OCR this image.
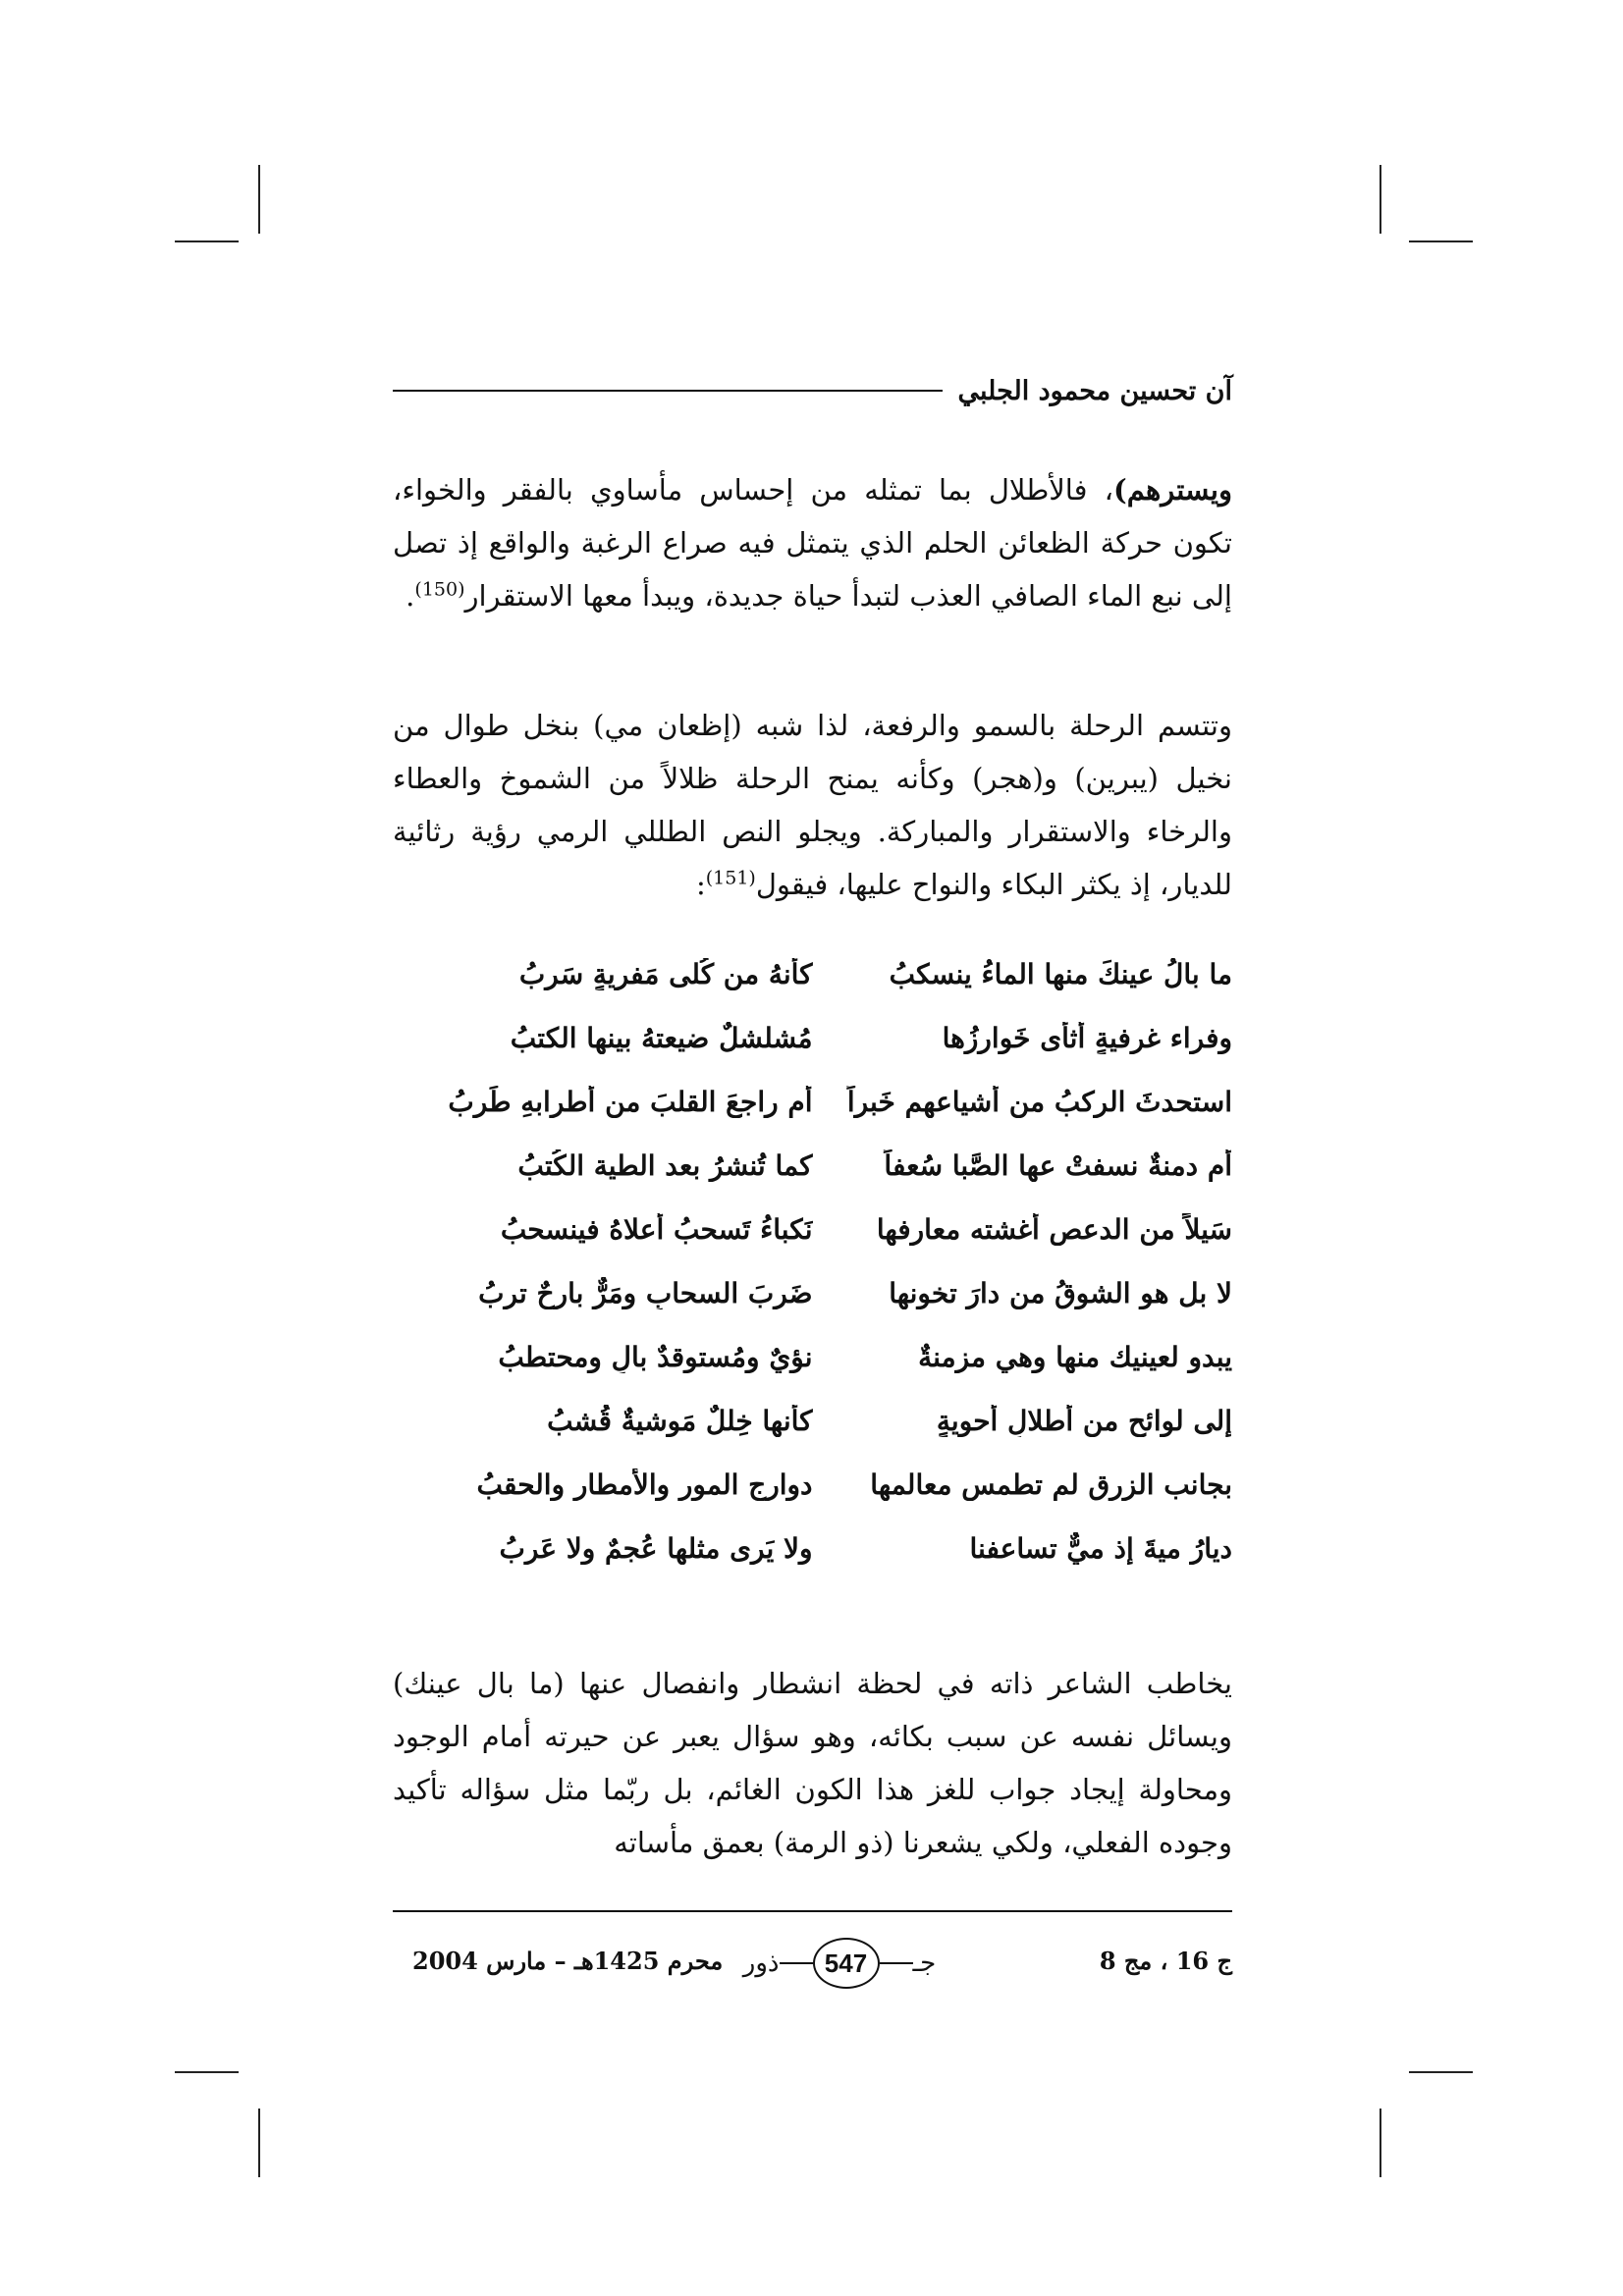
آن تحسين محمود الجلبي

ويسترهم)، فالأطلال بما تمثله من إحساس مأساوي بالفقر والخواء، تكون حركة الظعائن الحلم الذي يتمثل فيه صراع الرغبة والواقع إذ تصل إلى نبع الماء الصافي العذب لتبدأ حياة جديدة، ويبدأ معها الاستقرار$^{(150)}$.

وتتسم الرحلة بالسمو والرفعة، لذا شبه (إظعان مي) بنخل طوال من نخيل (يبرين) و(هجر) وكأنه يمنح الرحلة ظلالاً من الشموخ والعطاء والرخاء والاستقرار والمباركة. ويجلو النص الطللي الرمي رؤية رثائية للديار، إذ يكثر البكاء والنواح عليها، فيقول$^{(151)}$:

ما بالُ عينكَ منها الماءُ ينسكبُ
كأنهُ من كُلى مَفريةٍ سَربُ
وفراء غرفيةٍ أثأى خَوارزُها
مُشلشلٌ ضيعتهُ بينها الكتبُ
استحدثَ الركبُ من أشياعهم خَبراً
أم راجعَ القلبَ من أطرابهِ طَربُ
أم دمنةٌ نسفتْ عها الصَّبا سُعفاً
كما تُنشرُ بعد الطية الكُتبُ
سَيلاً من الدعص أغشته معارفها
نَكباءُ تَسحبُ أعلاهُ فينسحبُ
لا بل هو الشوقُ من دارَ تخونها
ضَربَ السحابِ ومَرٌّ بارحٌ تربُ
يبدو لعينيك منها وهي مزمنةٌ
نؤيٌ ومُستوقدٌ بالٍ ومحتطبُ
إلى لوائح من أطلالِ أحويةٍ
كأنها خِللٌ مَوشيةٌ قُشبُ
بجانب الزرق لم تطمس معالمها
دوارج المور والأمطار والحقبُ
ديارُ ميةَ إذ ميٌّ تساعفنا
ولا يَرى مثلها عُجمٌ ولا عَربُ

يخاطب الشاعر ذاته في لحظة انشطار وانفصال عنها (ما بال عينك) ويسائل نفسه عن سبب بكائه، وهو سؤال يعبر عن حيرته أمام الوجود ومحاولة إيجاد جواب للغز هذا الكون الغائم، بل ربّما مثل سؤاله تأكيد وجوده الفعلي، ولكي يشعرنا (ذو الرمة) بعمق مأساته

ج 16 ، مج 8
ذور	547	جـ
محرم 1425هـ – مارس 2004
